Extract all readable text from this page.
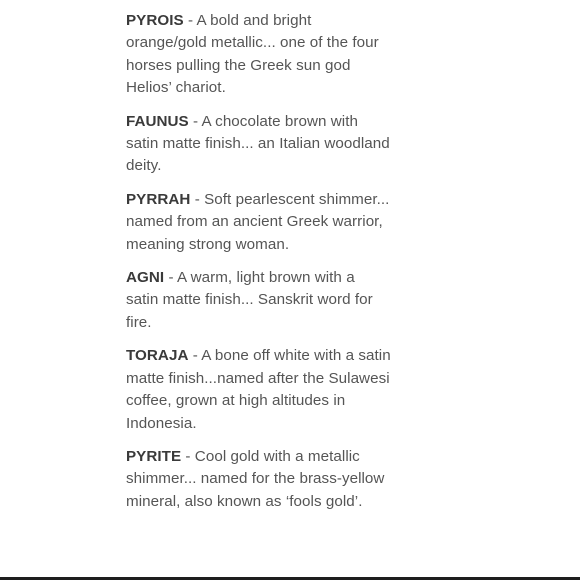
PYROIS - A bold and bright orange/gold metallic... one of the four horses pulling the Greek sun god Helios’ chariot.

FAUNUS - A chocolate brown with satin matte finish... an Italian woodland deity.

PYRRAH - Soft pearlescent shimmer... named from an ancient Greek warrior, meaning strong woman.

AGNI - A warm, light brown with a satin matte finish... Sanskrit word for fire.

TORAJA - A bone off white with a satin matte finish...named after the Sulawesi coffee, grown at high altitudes in Indonesia.

PYRITE - Cool gold with a metallic shimmer... named for the brass-yellow mineral, also known as ‘fools gold’.
